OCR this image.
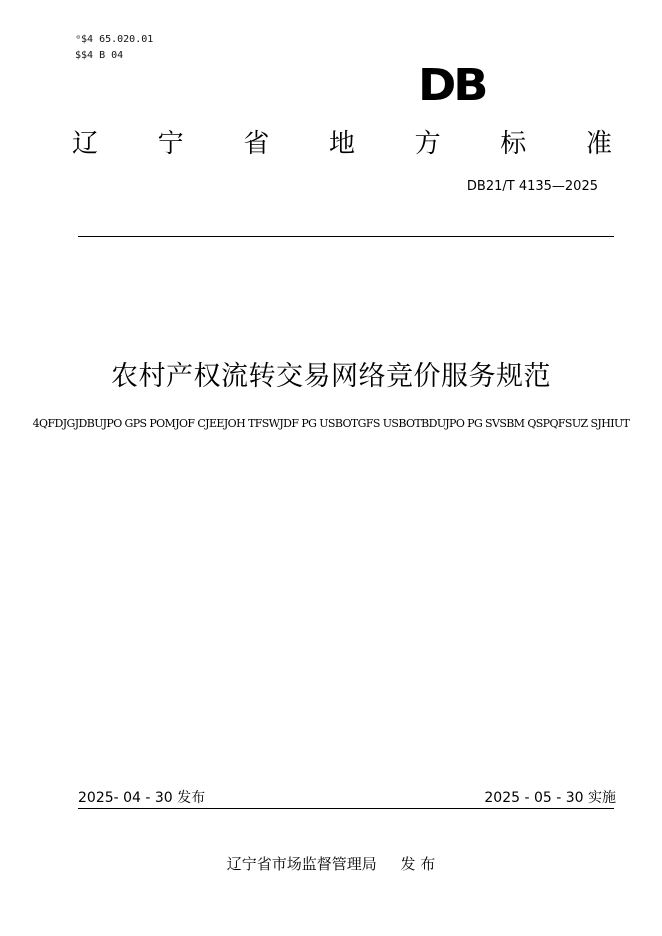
ᵅ$4 65.020.01
$$4 B 04
DB
辽 宁 省 地 方 标 准
DB21/T 4135—2025
农村产权流转交易网络竞价服务规范
4QFDJGJDBUJPO GPS POMJOF CJEEJOH TFSWJDF PG USBOTGFS USBOTBDUJPO PG SVSBM QSPQFSUZ SJHIUT
2025- 04 - 30 发布	2025 - 05 - 30 实施
辽宁省市场监督管理局     发 布
